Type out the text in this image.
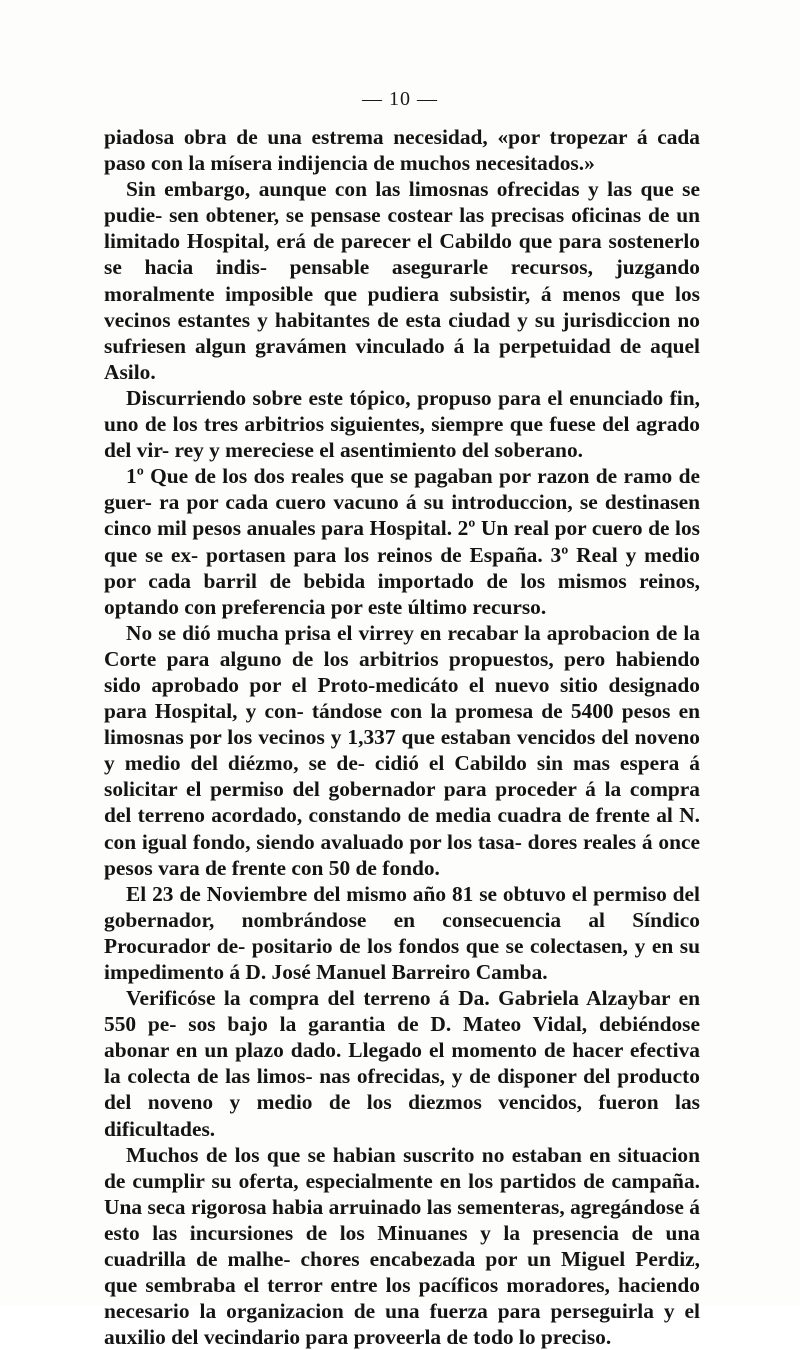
— 10 —

piadosa obra de una estrema necesidad, «por tropezar á cada paso con la mísera indijencia de muchos necesitados.»

Sin embargo, aunque con las limosnas ofrecidas y las que se pudie- sen obtener, se pensase costear las precisas oficinas de un limitado Hospital, erá de parecer el Cabildo que para sostenerlo se hacia indis- pensable asegurarle recursos, juzgando moralmente imposible que pudiera subsistir, á menos que los vecinos estantes y habitantes de esta ciudad y su jurisdiccion no sufriesen algun gravámen vinculado á la perpetuidad de aquel Asilo.

Discurriendo sobre este tópico, propuso para el enunciado fin, uno de los tres arbitrios siguientes, siempre que fuese del agrado del vir- rey y mereciese el asentimiento del soberano.

1º Que de los dos reales que se pagaban por razon de ramo de guer- ra por cada cuero vacuno á su introduccion, se destinasen cinco mil pesos anuales para Hospital. 2º Un real por cuero de los que se ex- portasen para los reinos de España. 3º Real y medio por cada barril de bebida importado de los mismos reinos, optando con preferencia por este último recurso.

No se dió mucha prisa el virrey en recabar la aprobacion de la Corte para alguno de los arbitrios propuestos, pero habiendo sido aprobado por el Proto-medicáto el nuevo sitio designado para Hospital, y con- tándose con la promesa de 5400 pesos en limosnas por los vecinos y 1,337 que estaban vencidos del noveno y medio del diézmo, se de- cidió el Cabildo sin mas espera á solicitar el permiso del gobernador para proceder á la compra del terreno acordado, constando de media cuadra de frente al N. con igual fondo, siendo avaluado por los tasa- dores reales á once pesos vara de frente con 50 de fondo.

El 23 de Noviembre del mismo año 81 se obtuvo el permiso del gobernador, nombrándose en consecuencia al Síndico Procurador de- positario de los fondos que se colectasen, y en su impedimento á D. José Manuel Barreiro Camba.

Verificóse la compra del terreno á Da. Gabriela Alzaybar en 550 pe- sos bajo la garantia de D. Mateo Vidal, debiéndose abonar en un plazo dado. Llegado el momento de hacer efectiva la colecta de las limos- nas ofrecidas, y de disponer del producto del noveno y medio de los diezmos vencidos, fueron las dificultades.

Muchos de los que se habian suscrito no estaban en situacion de cumplir su oferta, especialmente en los partidos de campaña. Una seca rigorosa habia arruinado las sementeras, agregándose á esto las incursiones de los Minuanes y la presencia de una cuadrilla de malhe- chores encabezada por un Miguel Perdiz, que sembraba el terror entre los pacíficos moradores, haciendo necesario la organizacion de una fuerza para perseguirla y el auxilio del vecindario para proveerla de todo lo preciso.
